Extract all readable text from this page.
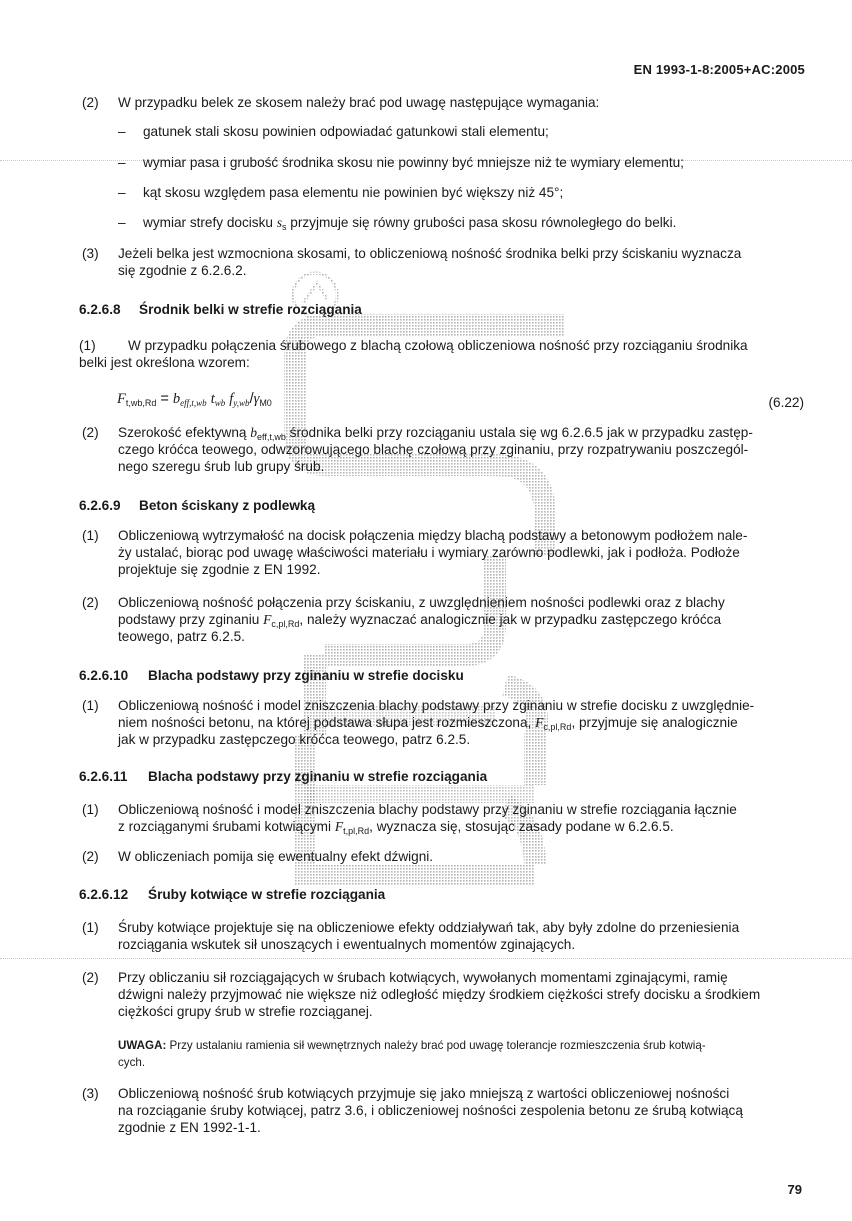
EN 1993-1-8:2005+AC:2005
(2)	W przypadku belek ze skosem należy brać pod uwagę następujące wymagania:
– gatunek stali skosu powinien odpowiadać gatunkowi stali elementu;
– wymiar pasa i grubość środnika skosu nie powinny być mniejsze niż te wymiary elementu;
– kąt skosu względem pasa elementu nie powinien być większy niż 45°;
– wymiar strefy docisku $s_s$ przyjmuje się równy grubości pasa skosu równoległego do belki.
(3)	Jeżeli belka jest wzmocniona skosami, to obliczeniową nośność środnika belki przy ściskaniu wyznacza
się zgodnie z 6.2.6.2.
6.2.6.8 Środnik belki w strefie rozciągania
(1)	W przypadku połączenia śrubowego z blachą czołową obliczeniowa nośność przy rozciąganiu środnika
belki jest określona wzorem:
$F_{t,wb,Rd} = b_{eff,t,wb}$ $t_{wb}$ $f_{y,wb}/\gamma_{M0}$	(6.22)
(2)	Szerokość efektywną $b_{eff,t,wb}$ środnika belki przy rozciąganiu ustala się wg 6.2.6.5 jak w przypadku zastęp-
czego króćca teowego, odwzorowującego blachę czołową przy zginaniu, przy rozpatrywaniu poszczegól-
nego szeregu śrub lub grupy śrub.
6.2.6.9 Beton ściskany z podlewką
(1)	Obliczeniową wytrzymałość na docisk połączenia między blachą podstawy a betonowym podłożem nale-
ży ustalać, biorąc pod uwagę właściwości materiału i wymiary zarówno podlewki, jak i podłoża. Podłoże
projektuje się zgodnie z EN 1992.
(2)	Obliczeniową nośność połączenia przy ściskaniu, z uwzględnieniem nośności podlewki oraz z blachy
podstawy przy zginaniu $F_{c,pl,Rd}$, należy wyznaczać analogicznie jak w przypadku zastępczego króćca
teowego, patrz 6.2.5.
6.2.6.10 Blacha podstawy przy zginaniu w strefie docisku
(1)	Obliczeniową nośność i model zniszczenia blachy podstawy przy zginaniu w strefie docisku z uwzględnie-
niem nośności betonu, na której podstawa słupa jest rozmieszczona, $F_{c,pl,Rd}$, przyjmuje się analogicznie
jak w przypadku zastępczego króćca teowego, patrz 6.2.5.
6.2.6.11 Blacha podstawy przy zginaniu w strefie rozciągania
(1)	Obliczeniową nośność i model zniszczenia blachy podstawy przy zginaniu w strefie rozciągania łącznie
z rozciąganymi śrubami kotwiącymi $F_{t,pl,Rd}$, wyznacza się, stosując zasady podane w 6.2.6.5.
(2)	W obliczeniach pomija się ewentualny efekt dźwigni.
6.2.6.12 Śruby kotwiące w strefie rozciągania
(1)	Śruby kotwiące projektuje się na obliczeniowe efekty oddziaływań tak, aby były zdolne do przeniesienia
rozciągania wskutek sił unoszących i ewentualnych momentów zginających.
(2)	Przy obliczaniu sił rozciągających w śrubach kotwiących, wywołanych momentami zginającymi, ramię
dźwigni należy przyjmować nie większe niż odległość między środkiem ciężkości strefy docisku a środkiem
ciężkości grupy śrub w strefie rozciąganej.
UWAGA: Przy ustalaniu ramienia sił wewnętrznych należy brać pod uwagę tolerancje rozmieszczenia śrub kotwią-
cych.
(3)	Obliczeniową nośność śrub kotwiących przyjmuje się jako mniejszą z wartości obliczeniowej nośności
na rozciąganie śruby kotwiącej, patrz 3.6, i obliczeniowej nośności zespolenia betonu ze śrubą kotwiącą
zgodnie z EN 1992-1-1.
79
